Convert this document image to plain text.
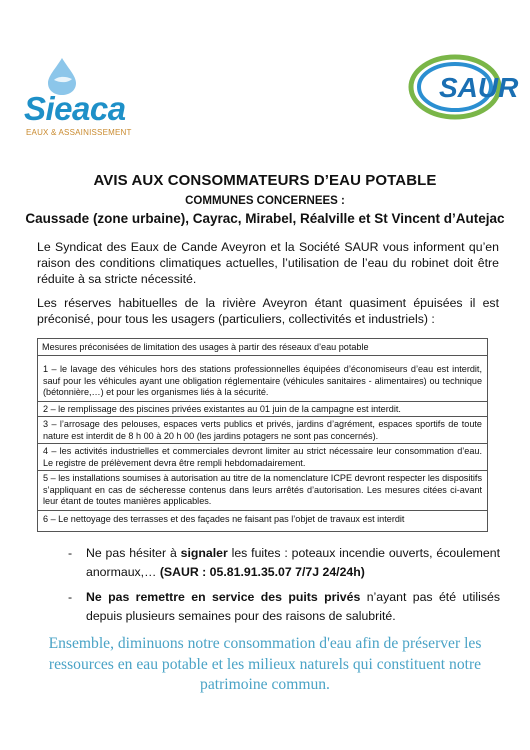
Sieaca
EAUX & ASSAINISSEMENT
SAUR
AVIS AUX CONSOMMATEURS D’EAU POTABLE
COMMUNES CONCERNEES :
Caussade (zone urbaine), Cayrac, Mirabel, Réalville et St Vincent d’Autejac
Le Syndicat des Eaux de Cande Aveyron et la Société SAUR vous informent qu’en raison des conditions climatiques actuelles, l’utilisation de l’eau du robinet doit être réduite à sa stricte nécessité.
Les réserves habituelles de la rivière Aveyron étant quasiment épuisées il est préconisé, pour tous les usagers (particuliers, collectivités et industriels) :
Mesures préconisées de limitation des usages à partir des réseaux d’eau potable
1 – le lavage des véhicules hors des stations professionnelles équipées d’économiseurs d’eau est interdit, sauf pour les véhicules ayant une obligation réglementaire (véhicules sanitaires - alimentaires) ou technique (bétonnière,…) et pour les organismes liés à la sécurité.
2 – le remplissage des piscines privées existantes au 01 juin de la campagne est interdit.
3 – l’arrosage des pelouses, espaces verts publics et privés, jardins d’agrément, espaces sportifs de toute nature est interdit de 8 h 00 à 20 h 00 (les jardins potagers ne sont pas concernés).
4 – les activités industrielles et commerciales devront limiter au strict nécessaire leur consommation d’eau. Le registre de prélèvement devra être rempli hebdomadairement.
5 – les installations soumises à autorisation au titre de la nomenclature ICPE devront respecter les dispositifs s’appliquant en cas de sécheresse contenus dans leurs arrêtés d’autorisation. Les mesures citées ci-avant leur étant de toutes manières applicables.
6 – Le nettoyage des terrasses et des façades ne faisant pas l’objet de travaux est interdit
- Ne pas hésiter à signaler les fuites : poteaux incendie ouverts, écoulement anormaux,… (SAUR : 05.81.91.35.07 7/7J 24/24h)
- Ne pas remettre en service des puits privés n’ayant pas été utilisés depuis plusieurs semaines pour des raisons de salubrité.
Ensemble, diminuons notre consommation d'eau afin de préserver les ressources en eau potable et les milieux naturels qui constituent notre patrimoine commun.
